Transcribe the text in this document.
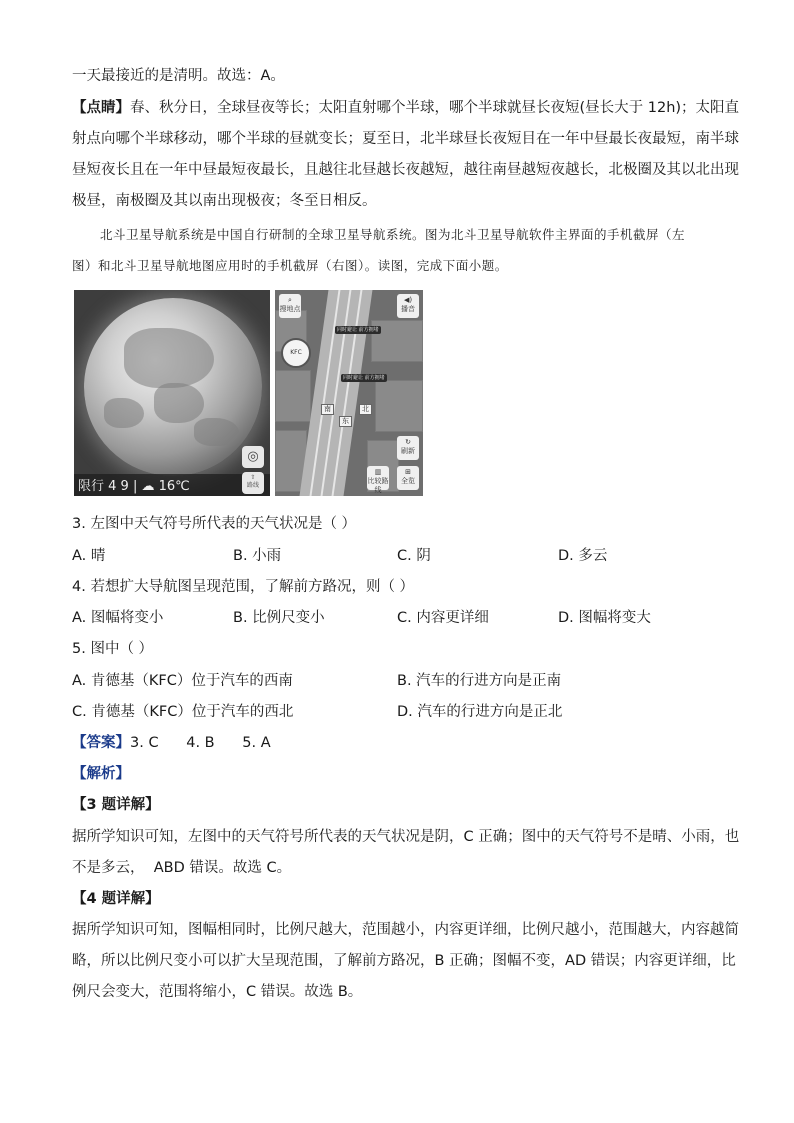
一天最接近的是清明。故选：A。
【点睛】春、秋分日，全球昼夜等长；太阳直射哪个半球，哪个半球就昼长夜短(昼长大于 12h)；太阳直
射点向哪个半球移动，哪个半球的昼就变长；夏至日，北半球昼长夜短目在一年中昼最长夜最短，南半球
昼短夜长且在一年中昼最短夜最长，且越往北昼越长夜越短，越往南昼越短夜越长，北极圈及其以北出现
极昼，南极圈及其以南出现极夜；冬至日相反。
北斗卫星导航系统是中国自行研制的全球卫星导航系统。图为北斗卫星导航软件主界面的手机截屏（左
图）和北斗卫星导航地图应用时的手机截屏（右图）。读图，完成下面小题。
◎
限行 4 9 | ☁ 16℃
⇧
路线
⌕
搜地点
◀)
播音
KFC
同时避让 前方拥堵
同时避让 前方拥堵
南	北
东
↻
刷新
▥
比较路线
⊞
全览
3. 左图中天气符号所代表的天气状况是（ ）
A. 晴	B. 小雨	C. 阴	D. 多云
4. 若想扩大导航图呈现范围，了解前方路况，则（ ）
A. 图幅将变小	B. 比例尺变小	C. 内容更详细	D. 图幅将变大
5. 图中（ ）
A. 肯德基（KFC）位于汽车的西南	B. 汽车的行进方向是正南
C. 肯德基（KFC）位于汽车的西北	D. 汽车的行进方向是正北
【答案】3. C      4. B      5. A
【解析】
【3 题详解】
据所学知识可知，左图中的天气符号所代表的天气状况是阴，C 正确；图中的天气符号不是晴、小雨，也
不是多云，  ABD 错误。故选 C。
【4 题详解】
据所学知识可知，图幅相同时，比例尺越大，范围越小，内容更详细，比例尺越小，范围越大，内容越简
略，所以比例尺变小可以扩大呈现范围，了解前方路况，B 正确；图幅不变，AD 错误；内容更详细，比
例尺会变大，范围将缩小，C 错误。故选 B。
